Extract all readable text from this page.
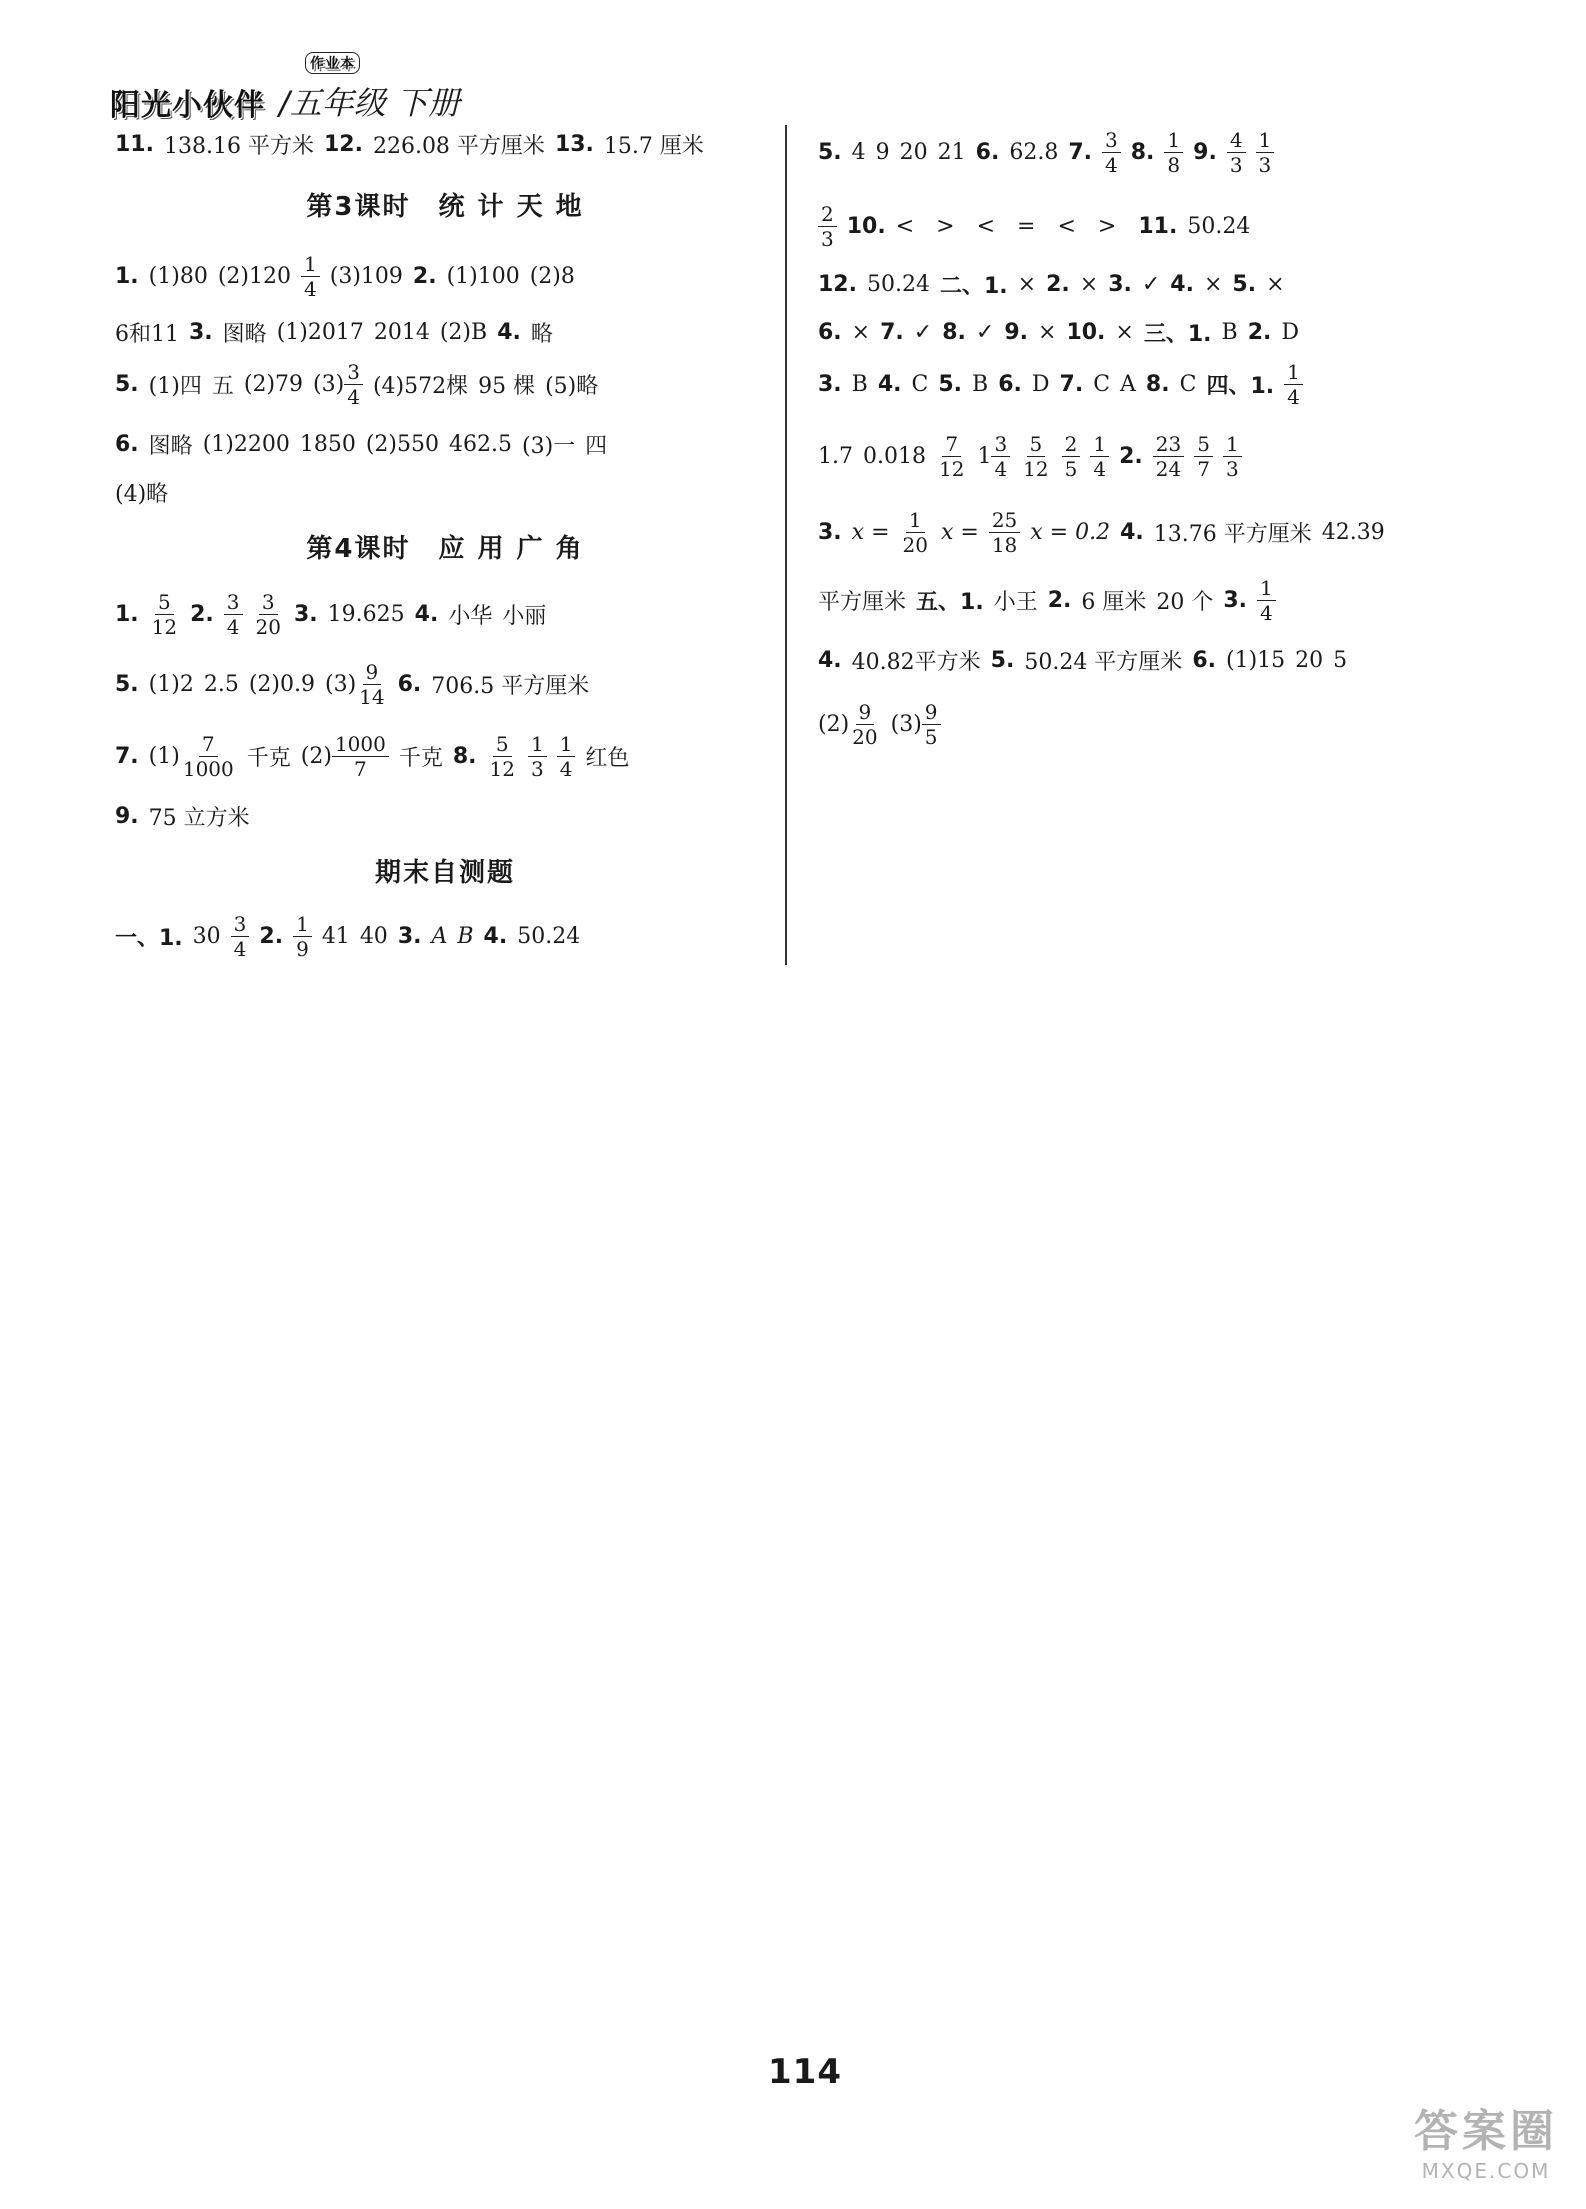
阳光小伙伴
作业本
/五年级 下册
11. 138.16 平方米 12. 226.08 平方厘米 13. 15.7 厘米
第3课时　统 计 天 地
1. (1)80 $(2)120 \frac{1}{4} (3)109$ 2. (1)100 (2)8
6和11 3. 图略 (1)2017 2014 (2)B 4. 略
5. (1)四 五 (2)79 $(3) \frac{3}{4} (4)572$棵 95 棵 (5)略
6. 图略 (1)2200 1850 (2)550 462.5 (3)一 四
(4)略
第4课时　应 用 广 角
1. $\frac{5}{12} 2$. $\frac{3}{4} \frac{3}{20} 3$. 19.625 4. 小华 小丽
5. (1)2 2.5 (2)0.9 $(3) \frac{9}{14} 6$. 706.5 平方厘米
7. $(1) \frac{7}{1000}$ 千克 $(2) \frac{1000}{7}$ 千克 8. $\frac{5}{12} \frac{1}{3} \frac{1}{4}$ 红色
9. 75 立方米
期末自测题
一、1. $30 \frac{3}{4} 2$. $\frac{1}{9} 41$ 40 3. A B 4. 50.24
5. 4 9 20 21 6. 62.8 7. $\frac{3}{4} 8$. $\frac{1}{8} 9$. $\frac{4}{3} \frac{1}{3}$
$\frac{2}{3} 10$. < > < = < > 11. 50.24
12. 50.24 二、1. × 2. × 3. ✓ 4. × 5. ×
6. × 7. ✓ 8. ✓ 9. × 10. × 三、1. B 2. D
3. B 4. C 5. B 6. D 7. C A 8. C 四、1. $\frac{1}{4}$
1.7 $0.018 \frac{7}{12} 1 \frac{3}{4} \frac{5}{12} \frac{2}{5} \frac{1}{4} 2$. $\frac{23}{24} \frac{5}{7} \frac{1}{3}$
3. $x = \frac{1}{20}$ $x = \frac{25}{18}$ x = 0.2 4. 13.76 平方厘米 42.39
平方厘米 五、1. 小王 2. 6 厘米 20 个 3. $\frac{1}{4}$
4. 40.82平方米 5. 50.24 平方厘米 6. (1)15 20 5
$(2) \frac{9}{20} (3) \frac{9}{5}$
114
答案圈
MXQE.COM
